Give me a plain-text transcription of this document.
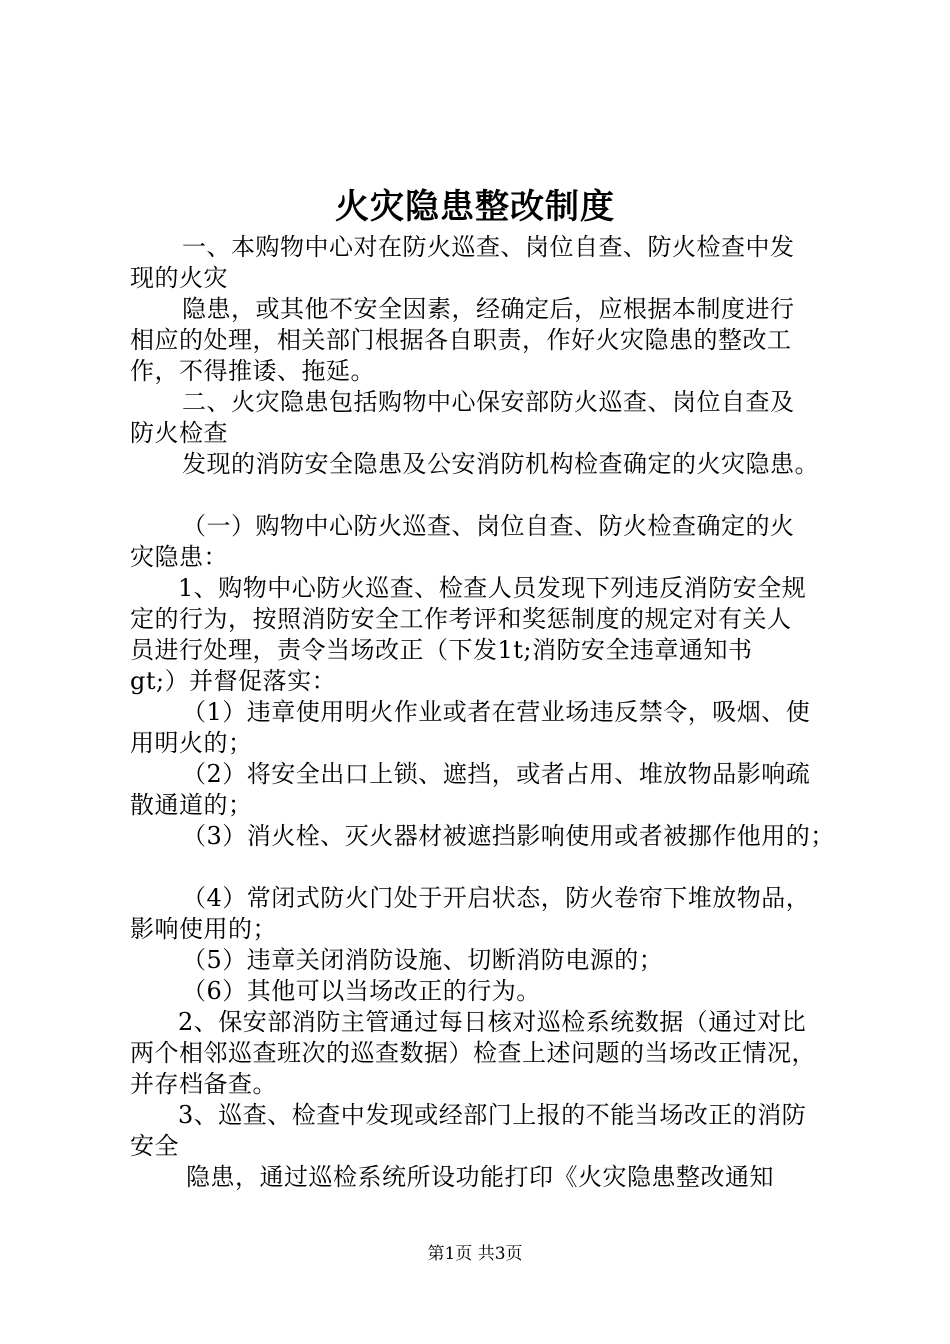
火灾隐患整改制度
一、本购物中心对在防火巡查、岗位自查、防火检查中发
现的火灾
隐患，或其他不安全因素，经确定后，应根据本制度进行
相应的处理，相关部门根据各自职责，作好火灾隐患的整改工
作，不得推诿、拖延。
二、火灾隐患包括购物中心保安部防火巡查、岗位自查及
防火检查
发现的消防安全隐患及公安消防机构检查确定的火灾隐患。
（一）购物中心防火巡查、岗位自查、防火检查确定的火
灾隐患：
1、购物中心防火巡查、检查人员发现下列违反消防安全规
定的行为，按照消防安全工作考评和奖惩制度的规定对有关人
员进行处理，责令当场改正（下发1t;消防安全违章通知书
gt;）并督促落实：
（1）违章使用明火作业或者在营业场违反禁令，吸烟、使
用明火的；
（2）将安全出口上锁、遮挡，或者占用、堆放物品影响疏
散通道的；
（3）消火栓、灭火器材被遮挡影响使用或者被挪作他用的；
（4）常闭式防火门处于开启状态，防火卷帘下堆放物品，
影响使用的；
（5）违章关闭消防设施、切断消防电源的；
（6）其他可以当场改正的行为。
2、保安部消防主管通过每日核对巡检系统数据（通过对比
两个相邻巡查班次的巡查数据）检查上述问题的当场改正情况，
并存档备查。
3、巡查、检查中发现或经部门上报的不能当场改正的消防
安全
隐患，通过巡检系统所设功能打印《火灾隐患整改通知
第1页 共3页
